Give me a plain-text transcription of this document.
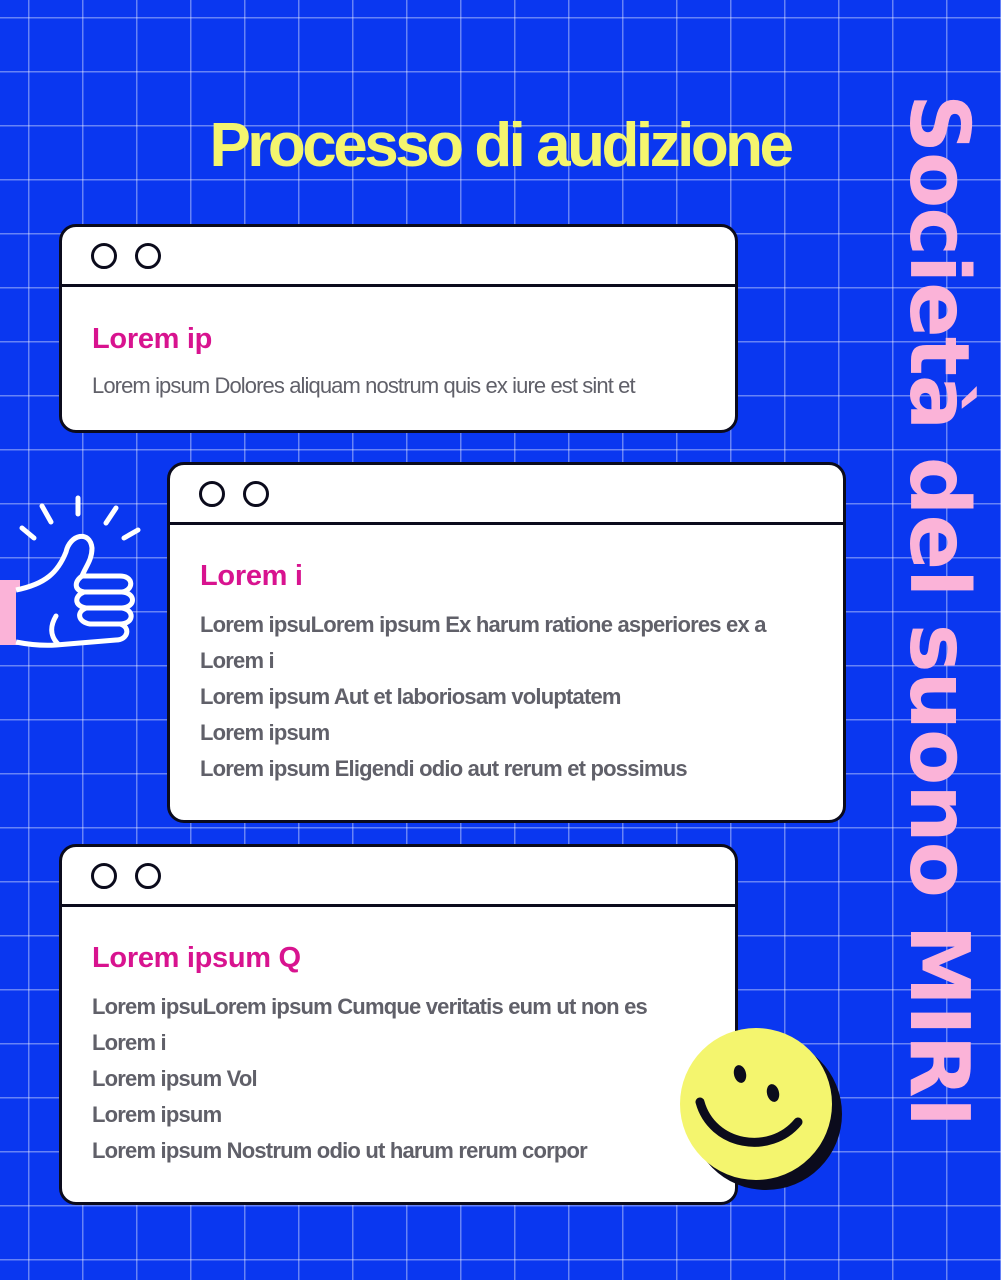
Processo di audizione	Società del suono MIRI
Lorem ip

Lorem ipsum Dolores aliquam nostrum quis ex iure est sint et

Lorem i
Lorem ipsuLorem ipsum Ex harum ratione asperiores ex a
Lorem i
Lorem ipsum Aut et laboriosam voluptatem
Lorem ipsum
Lorem ipsum Eligendi odio aut rerum et possimus
Lorem ipsum Q
Lorem ipsuLorem ipsum Cumque veritatis eum ut non es
Lorem i
Lorem ipsum Vol
Lorem ipsum
Lorem ipsum Nostrum odio ut harum rerum corpor
